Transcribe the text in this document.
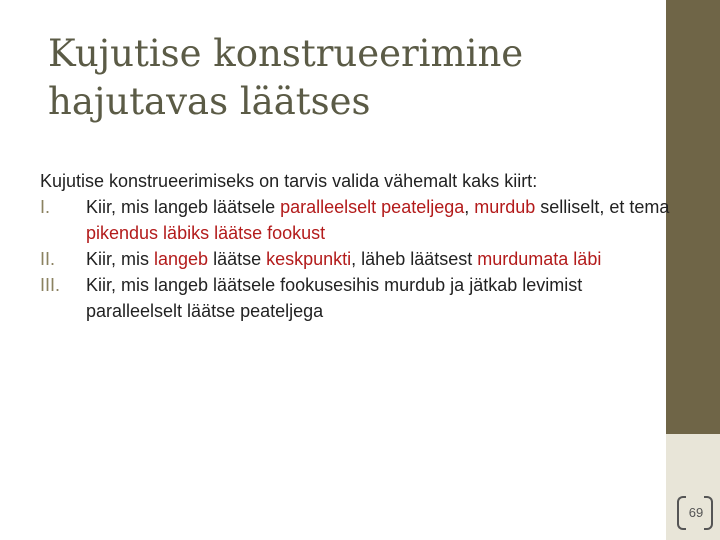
Kujutise konstrueerimine
hajutavas läätses

Kujutise konstrueerimiseks on tarvis valida vähemalt kaks kiirt:

I. Kiir, mis langeb läätsele paralleelselt peateljega, murdub selliselt, et tema pikendus läbiks läätse fookust
II. Kiir, mis langeb läätse keskpunkti, läheb läätsest murdumata läbi
III. Kiir, mis langeb läätsele fookusesihis murdub ja jätkab levimist paralleelselt läätse peateljega
69
